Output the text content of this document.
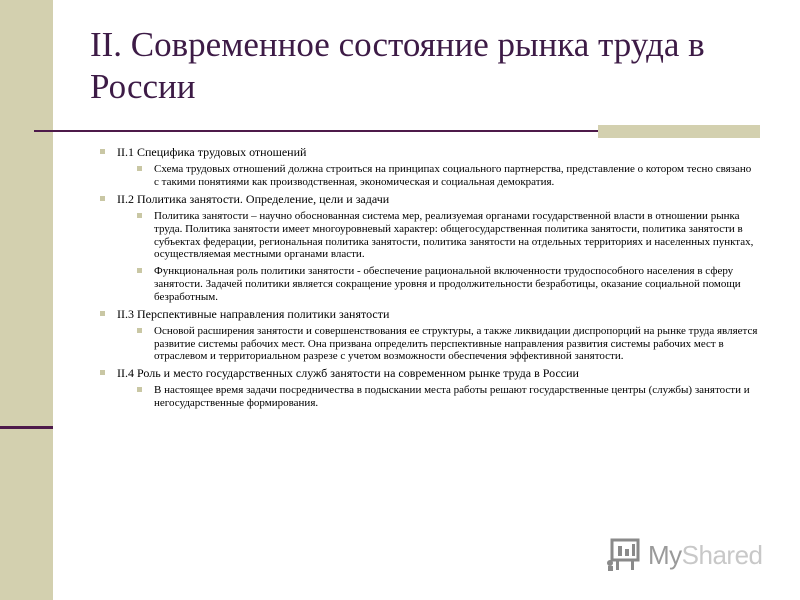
II. Современное состояние рынка труда в России
II.1 Специфика трудовых отношений
Схема трудовых отношений должна строиться на принципах социального партнерства, представление о котором тесно связано с такими понятиями как производственная, экономическая и социальная демократия.
II.2 Политика занятости. Определение, цели и задачи
Политика занятости – научно обоснованная система мер, реализуемая органами государственной власти в отношении рынка труда. Политика занятости имеет многоуровневый характер: общегосударственная политика занятости, политика занятости в субъектах федерации, региональная политика занятости, политика занятости на отдельных территориях и населенных пунктах, осуществляемая местными органами власти.
Функциональная роль политики занятости - обеспечение рациональной включенности трудоспособного населения в сферу занятости. Задачей политики является сокращение уровня и продолжительности безработицы, оказание социальной помощи безработным.
II.3 Перспективные направления политики занятости
Основой расширения занятости и совершенствования ее структуры, а также ликвидации диспропорций на рынке труда является развитие системы рабочих мест. Она призвана определить перспективные направления развития системы рабочих мест в отраслевом и территориальном разрезе с учетом возможности обеспечения эффективной занятости.
II.4 Роль и место государственных служб занятости на современном рынке труда в России
В настоящее время задачи посредничества в подыскании места работы решают государственные центры (службы) занятости и негосударственные формирования.
MyShared
